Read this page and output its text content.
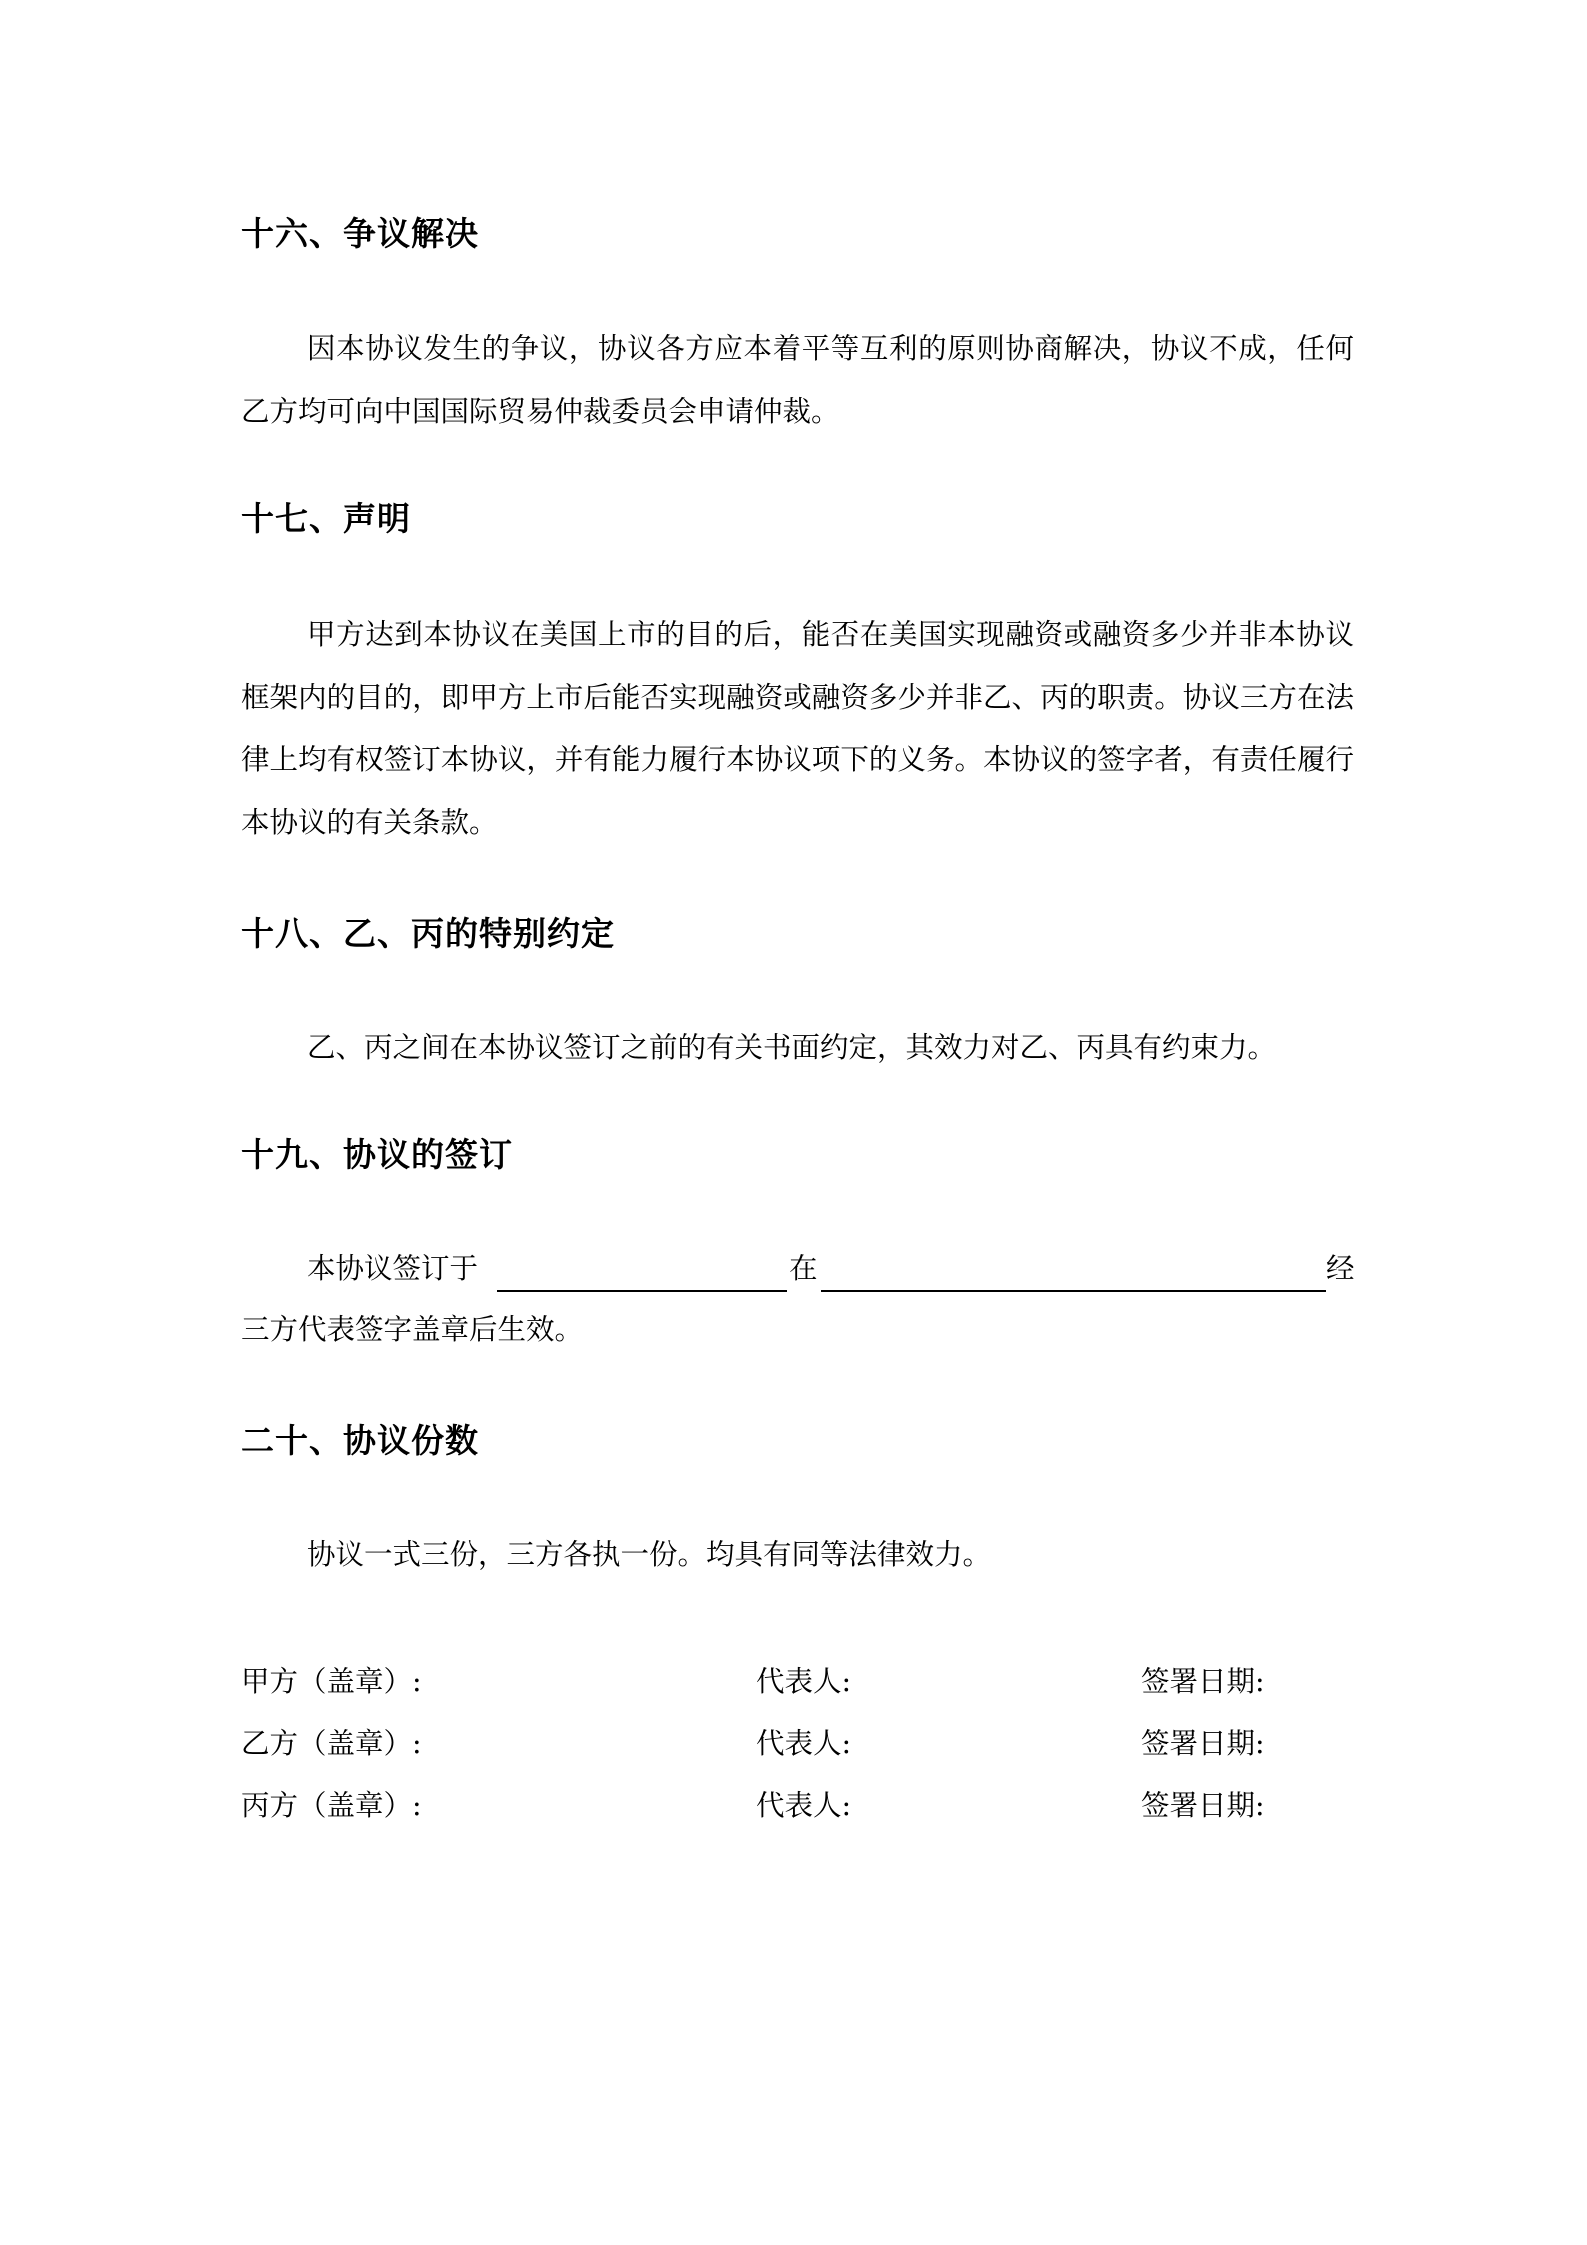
十六、争议解决

因本协议发生的争议，协议各方应本着平等互利的原则协商解决，协议不成，任何乙方均可向中国国际贸易仲裁委员会申请仲裁。

十七、声明

甲方达到本协议在美国上市的目的后，能否在美国实现融资或融资多少并非本协议框架内的目的，即甲方上市后能否实现融资或融资多少并非乙、丙的职责。协议三方在法律上均有权签订本协议，并有能力履行本协议项下的义务。本协议的签字者，有责任履行本协议的有关条款。

十八、乙、丙的特别约定

乙、丙之间在本协议签订之前的有关书面约定，其效力对乙、丙具有约束力。

十九、协议的签订
本协议签订于	在	经
三方代表签字盖章后生效。
二十、协议份数

协议一式三份，三方各执一份。均具有同等法律效力。

甲方（盖章）:	代表人:	签署日期:
乙方（盖章）:	代表人:	签署日期:
丙方（盖章）:	代表人:	签署日期:
